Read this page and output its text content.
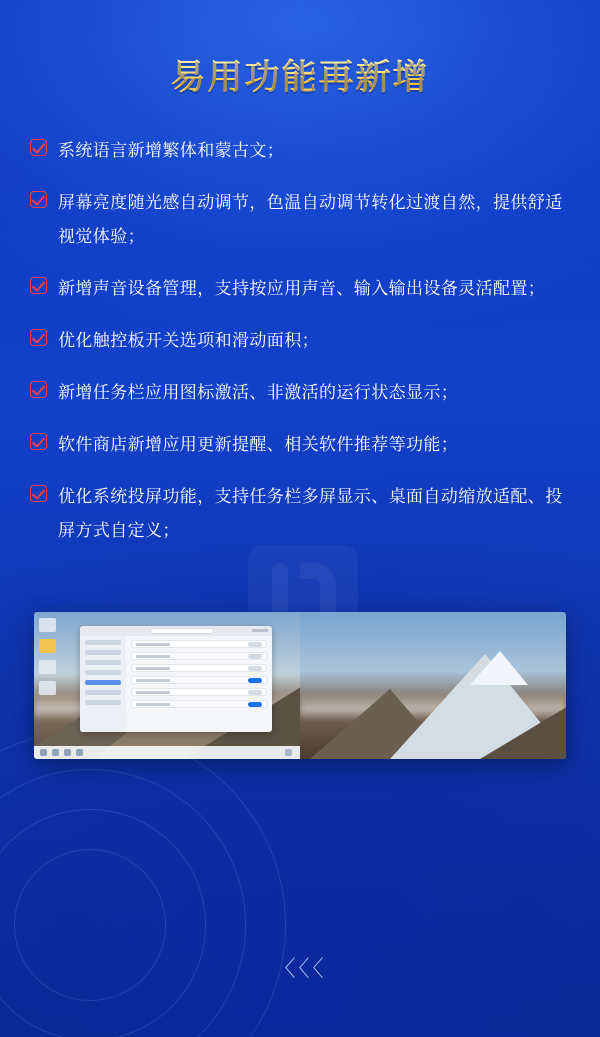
易用功能再新增
系统语言新增繁体和蒙古文；
屏幕亮度随光感自动调节，色温自动调节转化过渡自然，提供舒适视觉体验；
新增声音设备管理，支持按应用声音、输入输出设备灵活配置；
优化触控板开关选项和滑动面积；
新增任务栏应用图标激活、非激活的运行状态显示；
软件商店新增应用更新提醒、相关软件推荐等功能；
优化系统投屏功能，支持任务栏多屏显示、桌面自动缩放适配、投屏方式自定义；
〈〈〈
